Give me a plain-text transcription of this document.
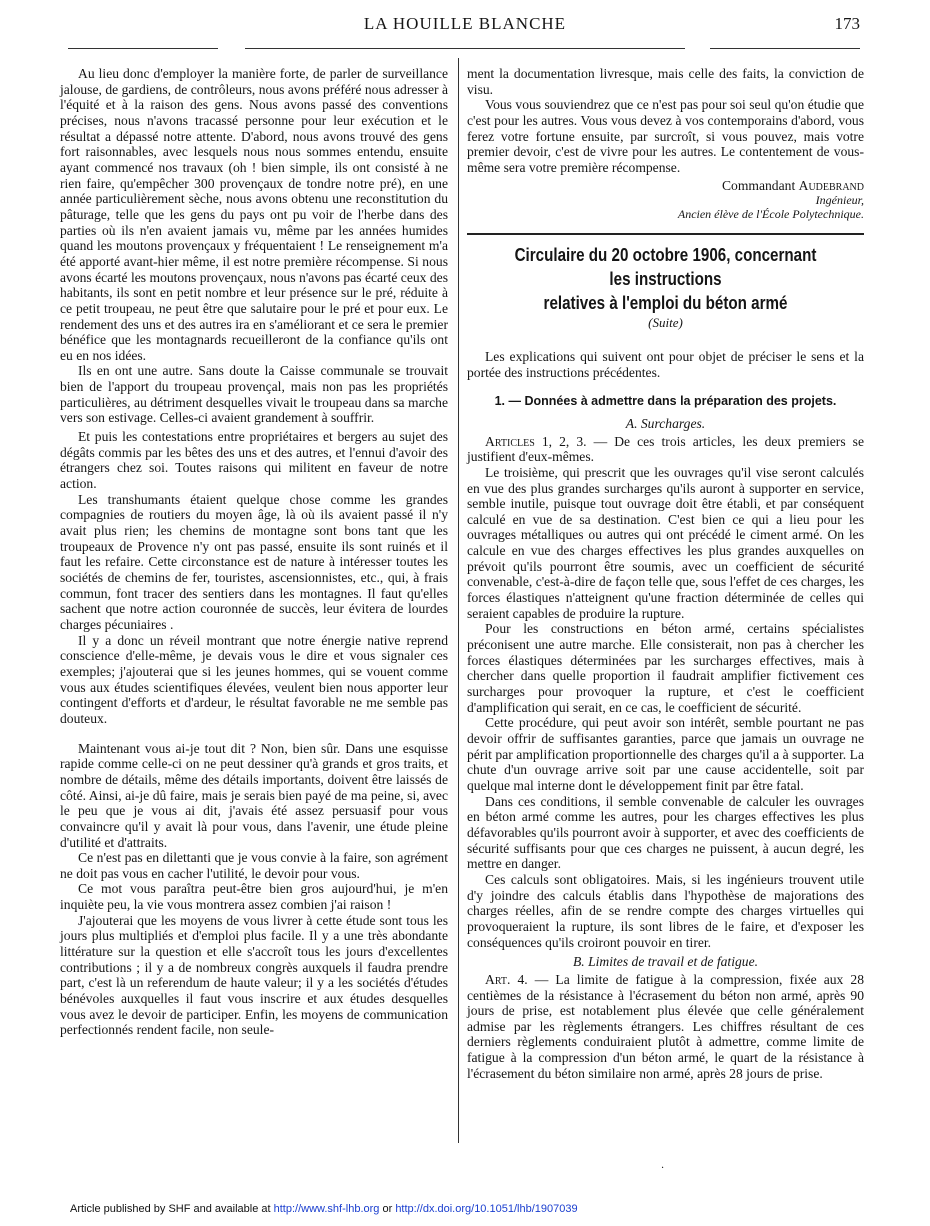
LA HOUILLE BLANCHE	173

Au lieu donc d'employer la manière forte, de parler de surveillance jalouse, de gardiens, de contrôleurs, nous avons préféré nous adresser à l'équité et à la raison des gens. Nous avons passé des conventions précises, nous n'avons tracassé personne pour leur exécution et le résultat a dépassé notre attente. D'abord, nous avons trouvé des gens fort raisonnables, avec lesquels nous nous sommes entendu, ensuite ayant commencé nos travaux (oh ! bien simple, ils ont consisté à ne rien faire, qu'empêcher 300 provençaux de tondre notre pré), en une année particulièrement sèche, nous avons obtenu une reconstitution du pâturage, telle que les gens du pays ont pu voir de l'herbe dans des parties où ils n'en avaient jamais vu, même par les années humides quand les moutons provençaux y fréquentaient ! Le renseignement m'a été apporté avant-hier même, il est notre première récompense. Si nous avons écarté les moutons provençaux, nous n'avons pas écarté ceux des habitants, ils sont en petit nombre et leur présence sur le pré, réduite à ce petit troupeau, ne peut être que salutaire pour le pré et pour eux. Le rendement des uns et des autres ira en s'améliorant et ce sera le premier bénéfice que les montagnards recueilleront de la confiance qu'ils ont eu en nos idées.

Ils en ont une autre. Sans doute la Caisse communale se trouvait bien de l'apport du troupeau provençal, mais non pas les propriétés particulières, au détriment desquelles vivait le troupeau dans sa marche vers son estivage. Celles-ci avaient grandement à souffrir.

Et puis les contestations entre propriétaires et bergers au sujet des dégâts commis par les bêtes des uns et des autres, et l'ennui d'avoir des étrangers chez soi. Toutes raisons qui militent en faveur de notre action.

Les transhumants étaient quelque chose comme les grandes compagnies de routiers du moyen âge, là où ils avaient passé il n'y avait plus rien; les chemins de montagne sont bons tant que les troupeaux de Provence n'y ont pas passé, ensuite ils sont ruinés et il faut les refaire. Cette circonstance est de nature à intéresser toutes les sociétés de chemins de fer, touristes, ascensionnistes, etc., qui, à frais commun, font tracer des sentiers dans les montagnes. Il faut qu'elles sachent que notre action couronnée de succès, leur évitera de lourdes charges pécuniaires .

Il y a donc un réveil montrant que notre énergie native reprend conscience d'elle-même, je devais vous le dire et vous signaler ces exemples; j'ajouterai que si les jeunes hommes, qui se vouent comme vous aux études scientifiques élevées, veulent bien nous apporter leur contingent d'efforts et d'ardeur, le résultat favorable ne me semble pas douteux.

Maintenant vous ai-je tout dit ? Non, bien sûr. Dans une esquisse rapide comme celle-ci on ne peut dessiner qu'à grands et gros traits, et nombre de détails, même des détails importants, doivent être laissés de côté. Ainsi, ai-je dû faire, mais je serais bien payé de ma peine, si, avec le peu que je vous ai dit, j'avais été assez persuasif pour vous convaincre qu'il y avait là pour vous, dans l'avenir, une étude pleine d'utilité et d'attraits.

Ce n'est pas en dilettanti que je vous convie à la faire, son agrément ne doit pas vous en cacher l'utilité, le devoir pour vous.

Ce mot vous paraîtra peut-être bien gros aujourd'hui, je m'en inquiète peu, la vie vous montrera assez combien j'ai raison !

J'ajouterai que les moyens de vous livrer à cette étude sont tous les jours plus multipliés et d'emploi plus facile. Il y a une très abondante littérature sur la question et elle s'accroît tous les jours d'excellentes contributions ; il y a de nombreux congrès auxquels il faudra prendre part, c'est là un referendum de haute valeur; il y a les sociétés d'études bénévoles auxquelles il faut vous inscrire et aux études desquelles vous avez le devoir de participer. Enfin, les moyens de communication perfectionnés rendent facile, non seule-

ment la documentation livresque, mais celle des faits, la conviction de visu.

Vous vous souviendrez que ce n'est pas pour soi seul qu'on étudie que c'est pour les autres. Vous vous devez à vos contemporains d'abord, vous ferez votre fortune ensuite, par surcroît, si vous pouvez, mais votre premier devoir, c'est de vivre pour les autres. Le contentement de vous-même sera votre première récompense.

Commandant Audebrand
Ingénieur,
Ancien élève de l'École Polytechnique.
Circulaire du 20 octobre 1906, concernant les instructions
relatives à l'emploi du béton armé
(Suite)

Les explications qui suivent ont pour objet de préciser le sens et la portée des instructions précédentes.

1. — Données à admettre dans la préparation des projets.
A. Surcharges.

Articles 1, 2, 3. — De ces trois articles, les deux premiers se justifient d'eux-mêmes.

Le troisième, qui prescrit que les ouvrages qu'il vise seront calculés en vue des plus grandes surcharges qu'ils auront à supporter en service, semble inutile, puisque tout ouvrage doit être établi, et par conséquent calculé en vue de sa destination. C'est bien ce qui a lieu pour les ouvrages métalliques ou autres qui ont précédé le ciment armé. On les calcule en vue des charges effectives les plus grandes auxquelles on prévoit qu'ils pourront être soumis, avec un coefficient de sécurité convenable, c'est-à-dire de façon telle que, sous l'effet de ces charges, les forces élastiques n'atteignent qu'une fraction déterminée de celles qui seraient capables de produire la rupture.

Pour les constructions en béton armé, certains spécialistes préconisent une autre marche. Elle consisterait, non pas à chercher les forces élastiques déterminées par les surcharges effectives, mais à chercher dans quelle proportion il faudrait amplifier fictivement ces surcharges pour provoquer la rupture, et c'est le coefficient d'amplification qui serait, en ce cas, le coefficient de sécurité.

Cette procédure, qui peut avoir son intérêt, semble pourtant ne pas devoir offrir de suffisantes garanties, parce que jamais un ouvrage ne périt par amplification proportionnelle des charges qu'il a à supporter. La chute d'un ouvrage arrive soit par une cause accidentelle, soit par quelque mal interne dont le développement finit par être fatal.

Dans ces conditions, il semble convenable de calculer les ouvrages en béton armé comme les autres, pour les charges effectives les plus défavorables qu'ils pourront avoir à supporter, et avec des coefficients de sécurité suffisants pour que ces charges ne puissent, à aucun degré, les mettre en danger.

Ces calculs sont obligatoires. Mais, si les ingénieurs trouvent utile d'y joindre des calculs établis dans l'hypothèse de majorations des charges réelles, afin de se rendre compte des charges virtuelles qui provoqueraient la rupture, ils sont libres de le faire, et d'exposer les conséquences qu'ils croiront pouvoir en tirer.

B. Limites de travail et de fatigue.

Art. 4. — La limite de fatigue à la compression, fixée aux 28 centièmes de la résistance à l'écrasement du béton non armé, après 90 jours de prise, est notablement plus élevée que celle généralement admise par les règlements étrangers. Les chiffres résultant de ces derniers règlements conduiraient plutôt à admettre, comme limite de fatigue à la compression d'un béton armé, le quart de la résistance à l'écrasement du béton similaire non armé, après 28 jours de prise.

·
Article published by SHF and available at http://www.shf-lhb.org or http://dx.doi.org/10.1051/lhb/1907039
